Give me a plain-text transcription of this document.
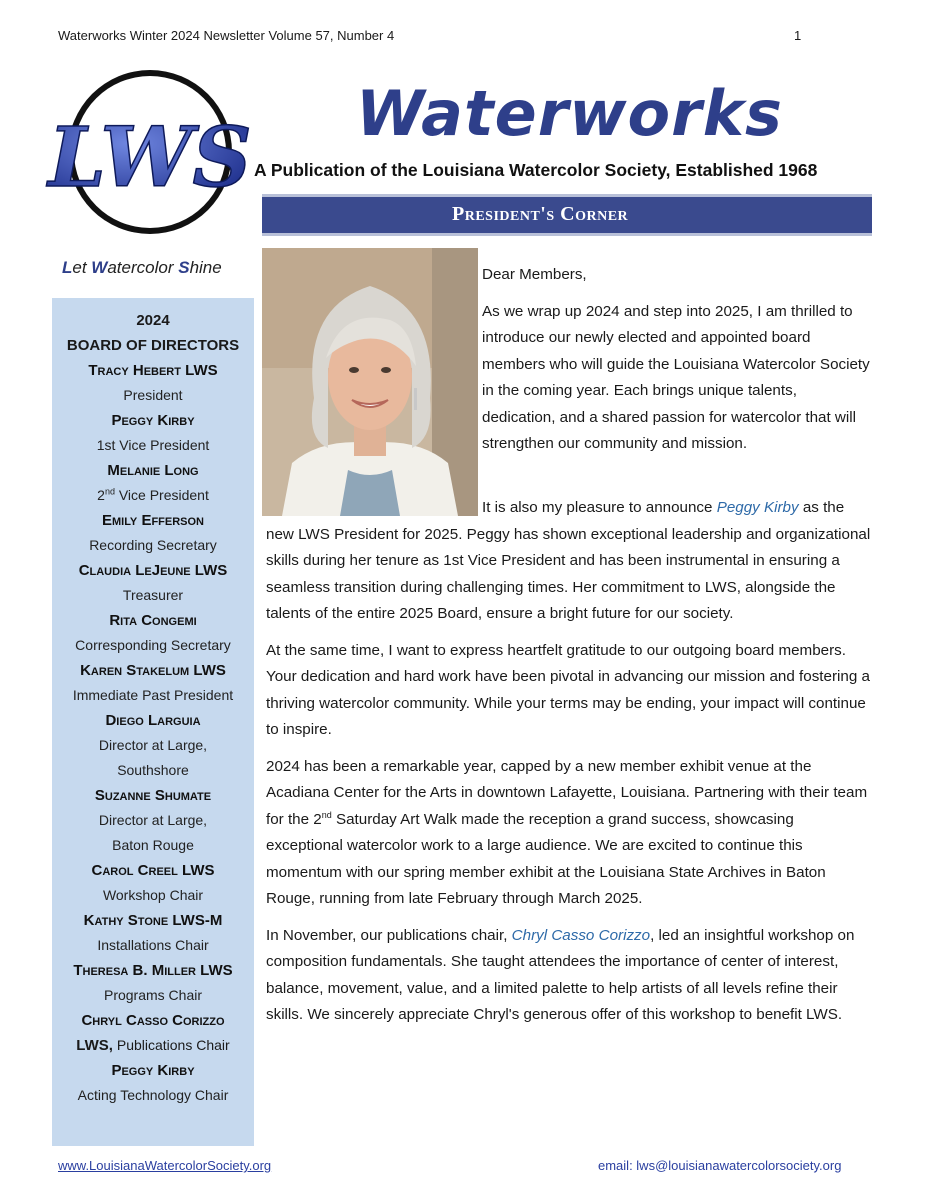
Waterworks Winter 2024 Newsletter Volume 57, Number 4	1
LWS Waterworks
A Publication of the Louisiana Watercolor Society, Established 1968
President's Corner
Let Watercolor Shine
2024
BOARD OF DIRECTORS
Tracy Hebert LWS
President
Peggy Kirby
1st Vice President
Melanie Long
2nd Vice President
Emily Efferson
Recording Secretary
Claudia LeJeune LWS
Treasurer
Rita Congemi
Corresponding Secretary
Karen Stakelum LWS
Immediate Past President
Diego Larguia
Director at Large,
Southshore
Suzanne Shumate
Director at Large,
Baton Rouge
Carol Creel LWS
Workshop Chair
Kathy Stone LWS-M
Installations Chair
Theresa B. Miller LWS
Programs Chair
Chryl Casso Corizzo
LWS, Publications Chair
Peggy Kirby
Acting Technology Chair

Dear Members,

As we wrap up 2024 and step into 2025, I am thrilled to introduce our newly elected and appointed board members who will guide the Louisiana Watercolor Society in the coming year. Each brings unique talents, dedication, and a shared passion for watercolor that will strengthen our community and mission.

It is also my pleasure to announce Peggy Kirby as the new LWS President for 2025. Peggy has shown exceptional leadership and organizational skills during her tenure as 1st Vice President and has been instrumental in ensuring a seamless transition during challenging times. Her commitment to LWS, alongside the talents of the entire 2025 Board, ensure a bright future for our society.

At the same time, I want to express heartfelt gratitude to our outgoing board members. Your dedication and hard work have been pivotal in advancing our mission and fostering a thriving watercolor community. While your terms may be ending, your impact will continue to inspire.

2024 has been a remarkable year, capped by a new member exhibit venue at the Acadiana Center for the Arts in downtown Lafayette, Louisiana. Partnering with their team for the 2nd Saturday Art Walk made the reception a grand success, showcasing exceptional watercolor work to a large audience. We are excited to continue this momentum with our spring member exhibit at the Louisiana State Archives in Baton Rouge, running from late February through March 2025.

In November, our publications chair, Chryl Casso Corizzo, led an insightful workshop on composition fundamentals. She taught attendees the importance of center of interest, balance, movement, value, and a limited palette to help artists of all levels refine their skills. We sincerely appreciate Chryl's generous offer of this workshop to benefit LWS.

www.LouisianaWatercolorSociety.org	email: lws@louisianawatercolorsociety.org
